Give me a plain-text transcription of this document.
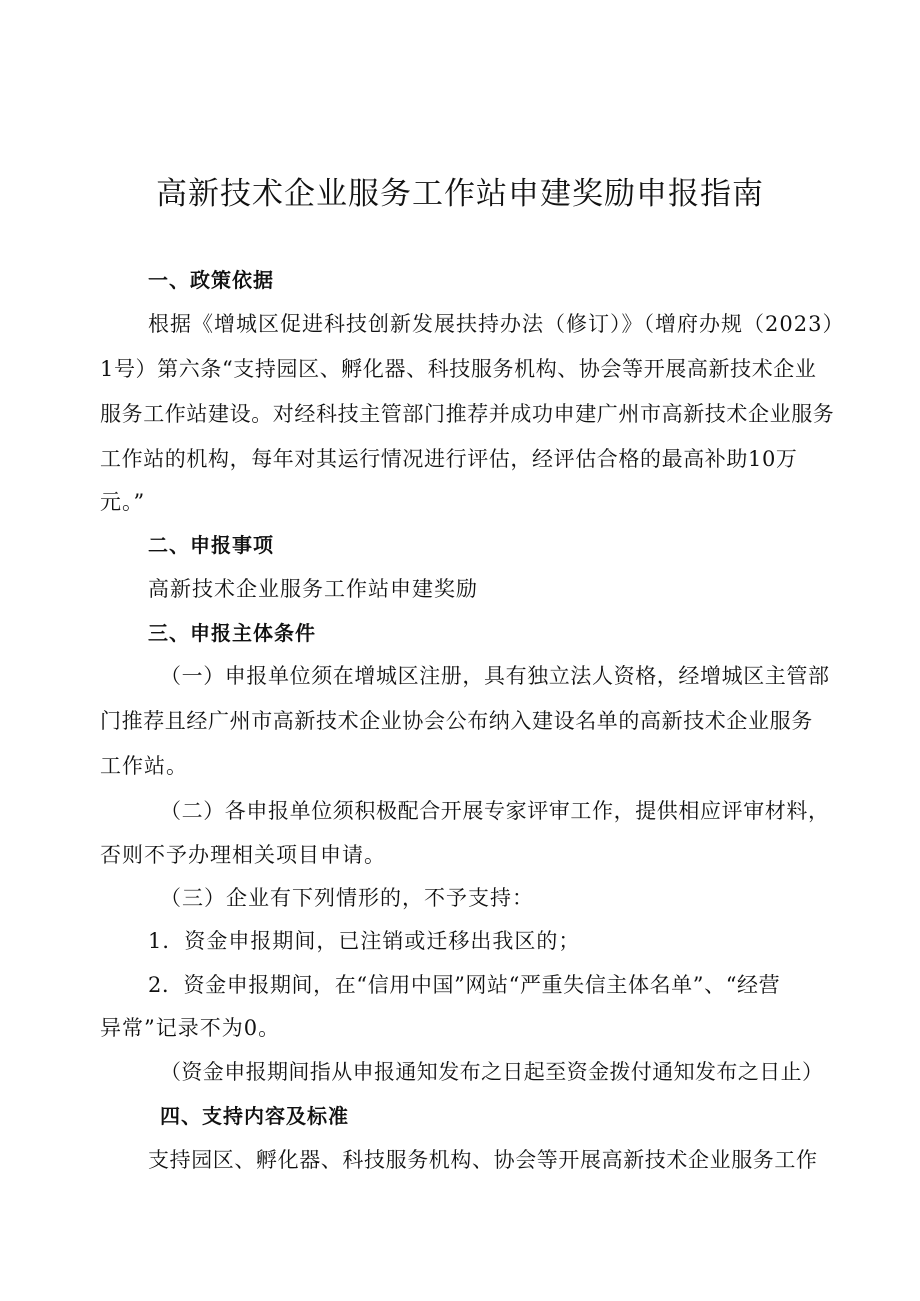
高新技术企业服务工作站申建奖励申报指南
一、政策依据
根据《增城区促进科技创新发展扶持办法（修订）》（增府办规（2023）
1号）第六条“支持园区、孵化器、科技服务机构、协会等开展高新技术企业
服务工作站建设。对经科技主管部门推荐并成功申建广州市高新技术企业服务
工作站的机构，每年对其运行情况进行评估，经评估合格的最高补助10万
元。”
二、申报事项
高新技术企业服务工作站申建奖励
三、申报主体条件
（一）申报单位须在增城区注册，具有独立法人资格，经增城区主管部
门推荐且经广州市高新技术企业协会公布纳入建设名单的高新技术企业服务
工作站。
（二）各申报单位须积极配合开展专家评审工作，提供相应评审材料，
否则不予办理相关项目申请。
（三）企业有下列情形的，不予支持：
1．资金申报期间，已注销或迁移出我区的；
2．资金申报期间，在“信用中国”网站“严重失信主体名单”、“经营
异常”记录不为0。
（资金申报期间指从申报通知发布之日起至资金拨付通知发布之日止）
四、支持内容及标准
支持园区、孵化器、科技服务机构、协会等开展高新技术企业服务工作
